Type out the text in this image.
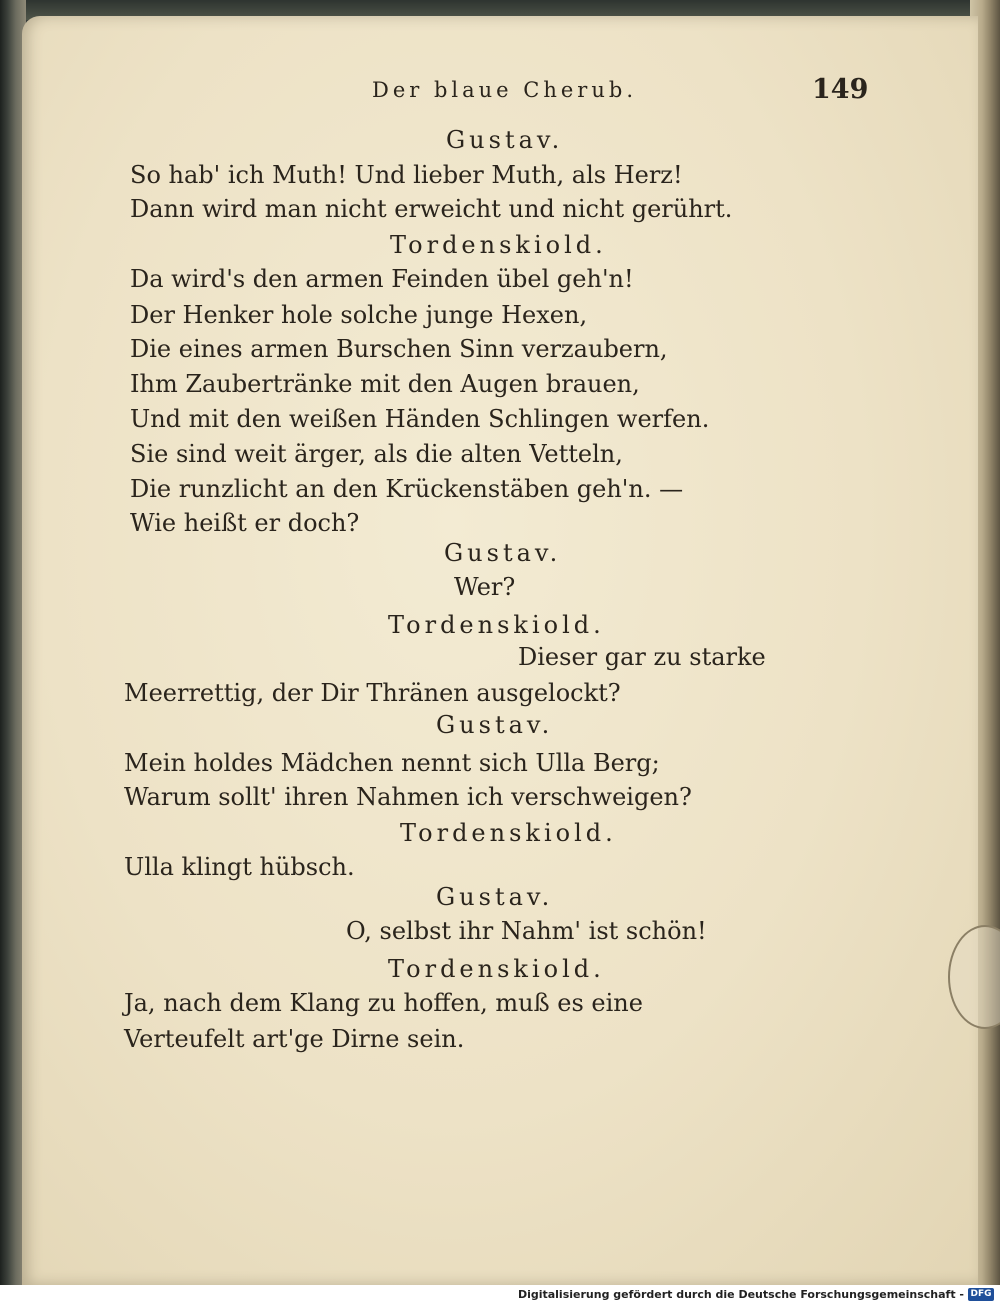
Der blaue Cherub.	149
Gustav.
So hab' ich Muth! Und lieber Muth, als Herz!
Dann wird man nicht erweicht und nicht gerührt.
Tordenskiold.
Da wird's den armen Feinden übel geh'n!
Der Henker hole solche junge Hexen,
Die eines armen Burschen Sinn verzaubern,
Ihm Zaubertränke mit den Augen brauen,
Und mit den weißen Händen Schlingen werfen.
Sie sind weit ärger, als die alten Vetteln,
Die runzlicht an den Krückenstäben geh'n. —
Wie heißt er doch?
Gustav.
Wer?
Tordenskiold.
Dieser gar zu starke
Meerrettig, der Dir Thränen ausgelockt?
Gustav.
Mein holdes Mädchen nennt sich Ulla Berg;
Warum sollt' ihren Nahmen ich verschweigen?
Tordenskiold.
Ulla klingt hübsch.
Gustav.
O, selbst ihr Nahm' ist schön!
Tordenskiold.
Ja, nach dem Klang zu hoffen, muß es eine
Verteufelt art'ge Dirne sein.
Digitalisierung gefördert durch die Deutsche Forschungsgemeinschaft - DFG
